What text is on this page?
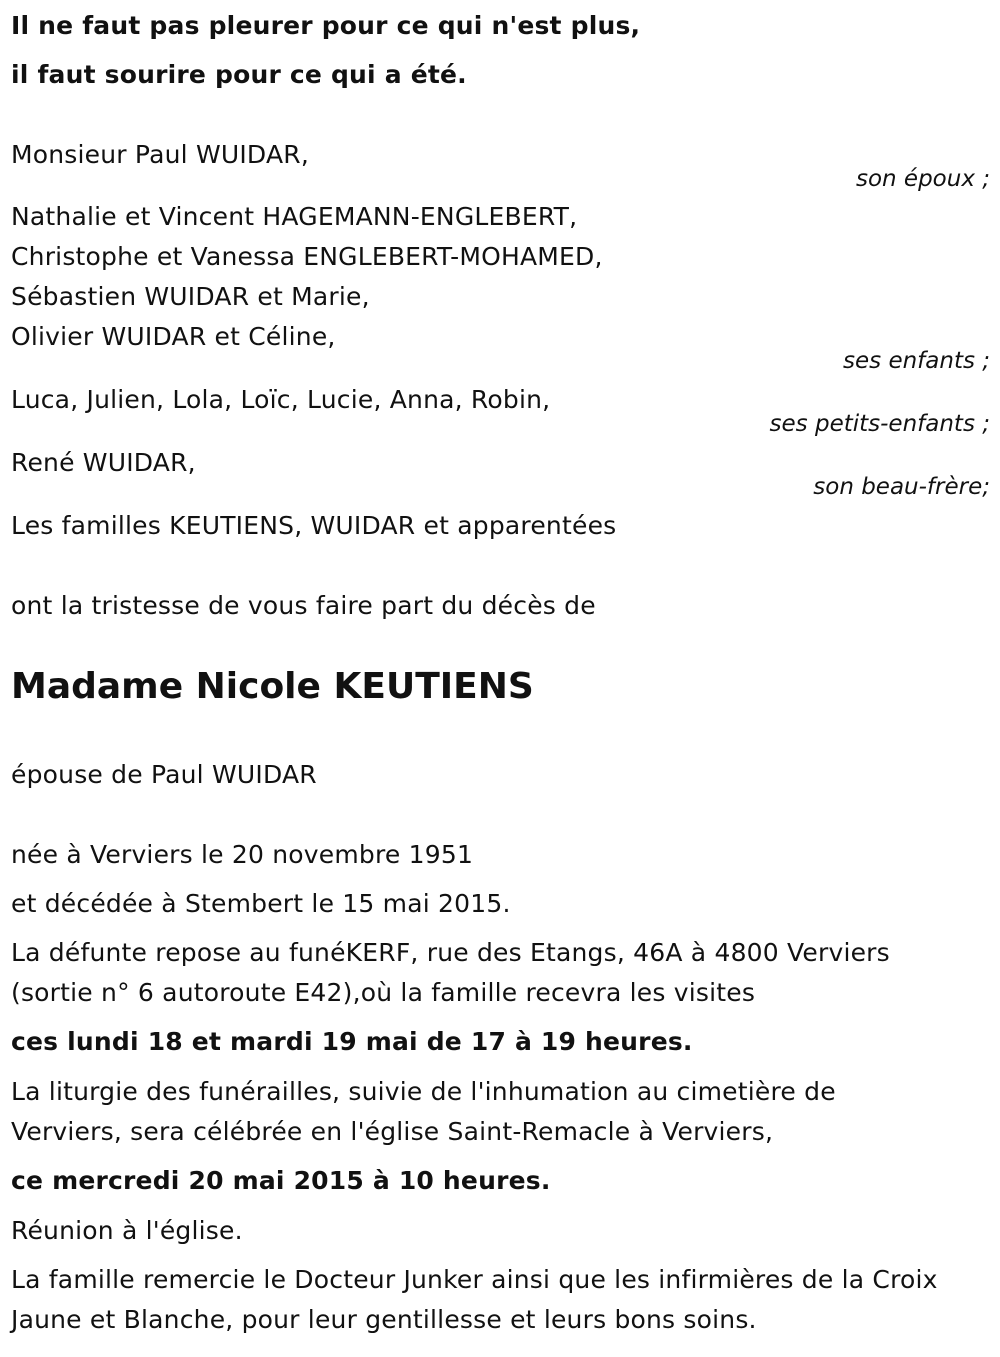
Il ne faut pas pleurer pour ce qui n'est plus,
il faut sourire pour ce qui a été.
Monsieur Paul WUIDAR,
son époux ;
Nathalie et Vincent HAGEMANN-ENGLEBERT,
Christophe et Vanessa ENGLEBERT-MOHAMED,
Sébastien WUIDAR et Marie,
Olivier WUIDAR et Céline,
ses enfants ;
Luca, Julien, Lola, Loïc, Lucie, Anna, Robin,
ses petits-enfants ;
René WUIDAR,
son beau-frère;
Les familles KEUTIENS, WUIDAR et apparentées
ont la tristesse de vous faire part du décès de
Madame Nicole KEUTIENS
épouse de Paul WUIDAR
née à Verviers le 20 novembre 1951
et décédée à Stembert le 15 mai 2015.
La défunte repose au funéKERF, rue des Etangs, 46A à 4800 Verviers
(sortie n° 6 autoroute E42),où la famille recevra les visites
ces lundi 18 et mardi 19 mai de 17 à 19 heures.
La liturgie des funérailles, suivie de l'inhumation au cimetière de
Verviers, sera célébrée en l'église Saint-Remacle à Verviers,
ce mercredi 20 mai 2015 à 10 heures.
Réunion à l'église.
La famille remercie le Docteur Junker ainsi que les infirmières de la Croix
Jaune et Blanche, pour leur gentillesse et leurs bons soins.
